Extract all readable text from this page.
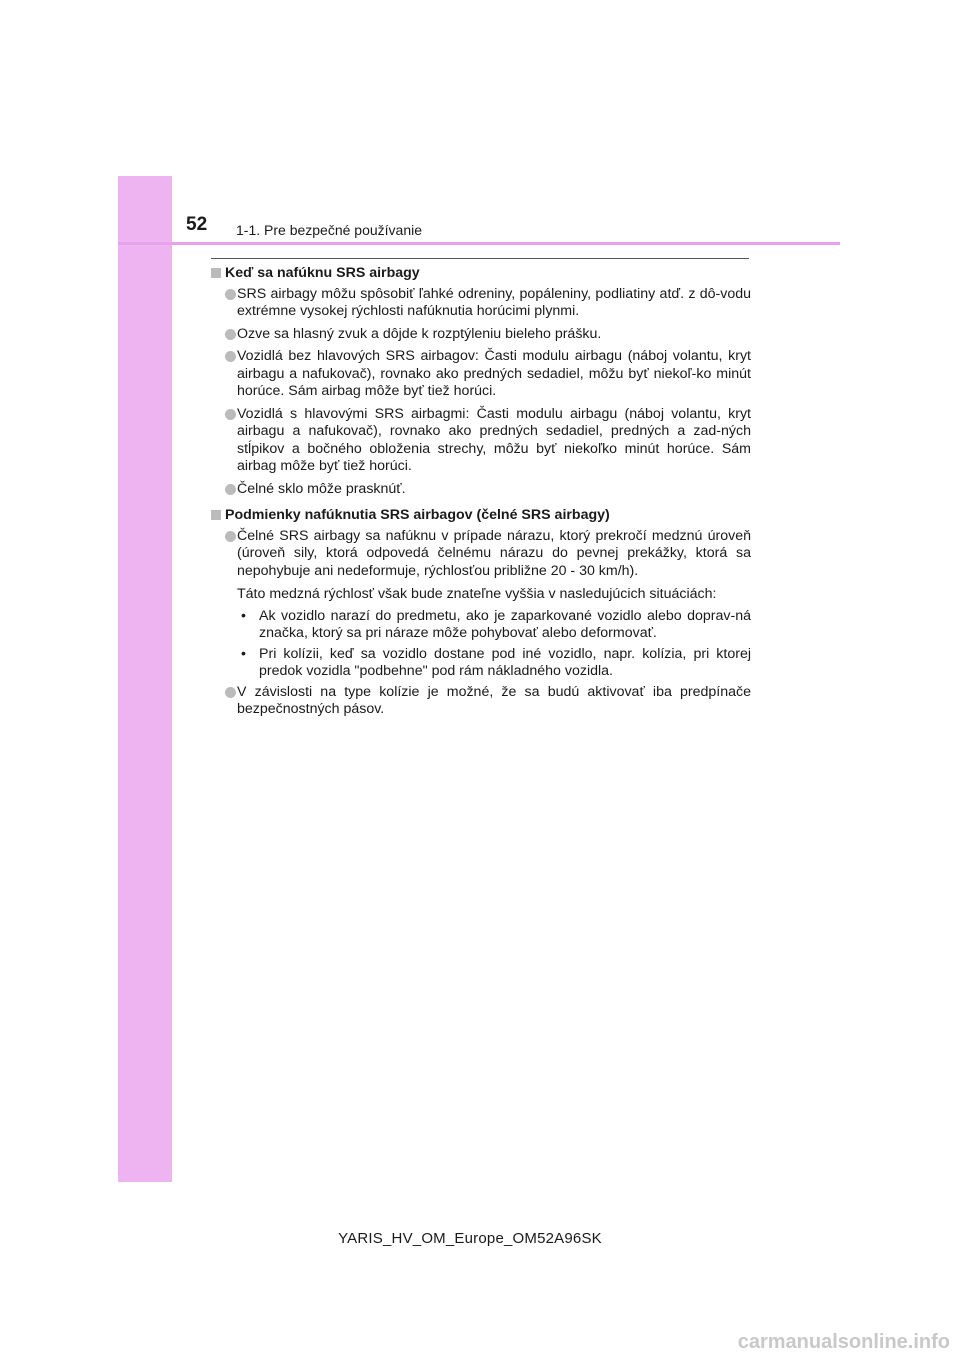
52 1-1. Pre bezpečné používanie
Keď sa nafúknu SRS airbagy
SRS airbagy môžu spôsobiť ľahké odreniny, popáleniny, podliatiny atď. z dô-vodu extrémne vysokej rýchlosti nafúknutia horúcimi plynmi.
Ozve sa hlasný zvuk a dôjde k rozptýleniu bieleho prášku.
Vozidlá bez hlavových SRS airbagov: Časti modulu airbagu (náboj volantu, kryt airbagu a nafukovač), rovnako ako predných sedadiel, môžu byť niekoľ-ko minút horúce. Sám airbag môže byť tiež horúci.
Vozidlá s hlavovými SRS airbagmi: Časti modulu airbagu (náboj volantu, kryt airbagu a nafukovač), rovnako ako predných sedadiel, predných a zad-ných stĺpikov a bočného obloženia strechy, môžu byť niekoľko minút horúce. Sám airbag môže byť tiež horúci.
Čelné sklo môže prasknúť.
Podmienky nafúknutia SRS airbagov (čelné SRS airbagy)
Čelné SRS airbagy sa nafúknu v prípade nárazu, ktorý prekročí medznú úroveň (úroveň sily, ktorá odpovedá čelnému nárazu do pevnej prekážky, ktorá sa nepohybuje ani nedeformuje, rýchlosťou približne 20 - 30 km/h).
Táto medzná rýchlosť však bude znateľne vyššia v nasledujúcich situáciách:
• Ak vozidlo narazí do predmetu, ako je zaparkované vozidlo alebo doprav-ná značka, ktorý sa pri náraze môže pohybovať alebo deformovať.
• Pri kolízii, keď sa vozidlo dostane pod iné vozidlo, napr. kolízia, pri ktorej predok vozidla "podbehne" pod rám nákladného vozidla.
V závislosti na type kolízie je možné, že sa budú aktivovať iba predpínače bezpečnostných pásov.
YARIS_HV_OM_Europe_OM52A96SK
carmanualsonline.info
